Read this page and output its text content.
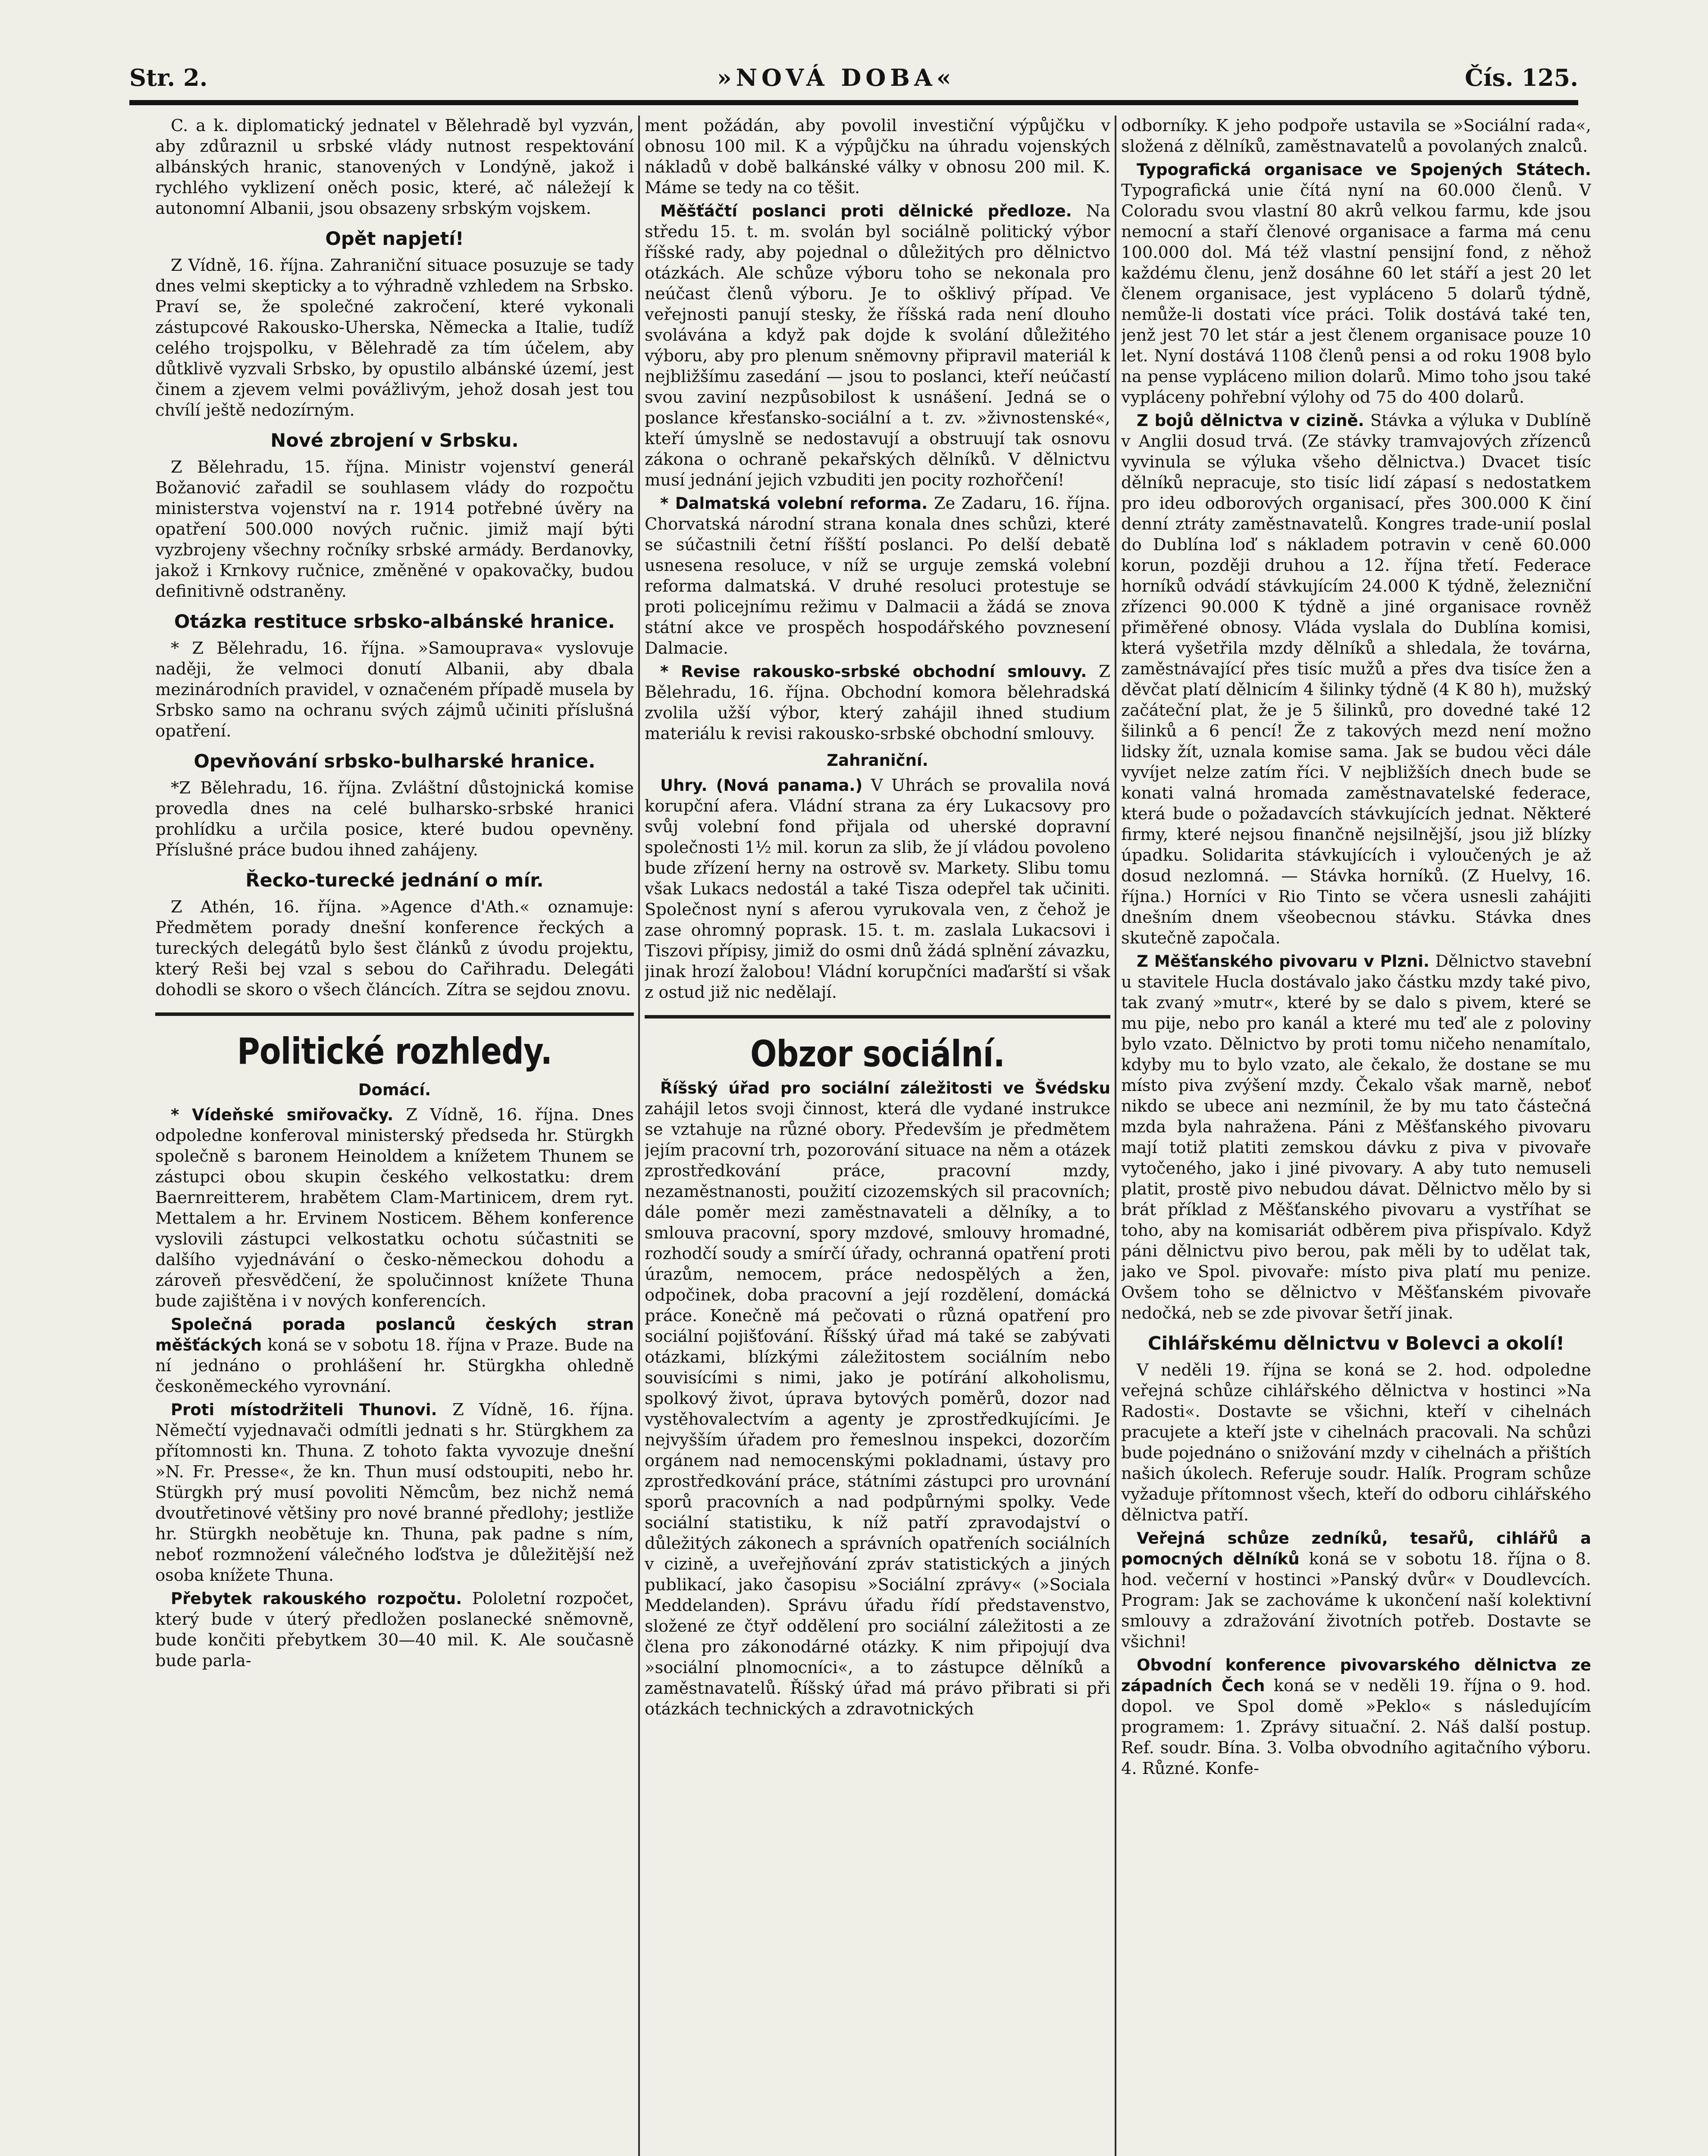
Str. 2.	»NOVÁ DOBA«	Čís. 125.

C. a k. diplomatický jednatel v Bělehradě byl vyzván, aby zdůraznil u srbské vlády nutnost respektování albánských hranic, stanovených v Londýně, jakož i rychlého vyklizení oněch posic, které, ač náležejí k autonomní Albanii, jsou obsazeny srbským vojskem.

Opět napjetí!

Z Vídně, 16. října. Zahraniční situace posuzuje se tady dnes velmi skepticky a to výhradně vzhledem na Srbsko. Praví se, že společné zakročení, které vykonali zástupcové Rakousko-Uherska, Německa a Italie, tudíž celého trojspolku, v Bělehradě za tím účelem, aby důtklivě vyzvali Srbsko, by opustilo albánské území, jest činem a zjevem velmi povážlivým, jehož dosah jest tou chvílí ještě nedozírným.

Nové zbrojení v Srbsku.

Z Bělehradu, 15. října. Ministr vojenství generál Božanović zařadil se souhlasem vlády do rozpočtu ministerstva vojenství na r. 1914 potřebné úvěry na opatření 500.000 nových ručnic. jimiž mají býti vyzbrojeny všechny ročníky srbské armády. Berdanovky, jakož i Krnkovy ručnice, změněné v opakovačky, budou definitivně odstraněny.

Otázka restituce srbsko-albánské hranice.

* Z Bělehradu, 16. října. »Samouprava« vyslovuje naději, že velmoci donutí Albanii, aby dbala mezinárodních pravidel, v označeném případě musela by Srbsko samo na ochranu svých zájmů učiniti příslušná opatření.

Opevňování srbsko-bulharské hranice.

*Z Bělehradu, 16. října. Zvláštní důstojnická komise provedla dnes na celé bulharsko-srbské hranici prohlídku a určila posice, které budou opevněny. Příslušné práce budou ihned zahájeny.

Řecko-turecké jednání o mír.

Z Athén, 16. října. »Agence d'Ath.« oznamuje: Předmětem porady dnešní konference řeckých a tureckých delegátů bylo šest článků z úvodu projektu, který Reši bej vzal s sebou do Cařihradu. Delegáti dohodli se skoro o všech článcích. Zítra se sejdou znovu.

Politické rozhledy.
Domácí.

* Vídeňské smiřovačky. Z Vídně, 16. října. Dnes odpoledne konferoval ministerský předseda hr. Stürgkh společně s baronem Heinoldem a knížetem Thunem se zástupci obou skupin českého velkostatku: drem Baernreitterem, hrabětem Clam-Martinicem, drem ryt. Mettalem a hr. Ervinem Nosticem. Během konference vyslovili zástupci velkostatku ochotu súčastniti se dalšího vyjednávání o česko-německou dohodu a zároveň přesvědčení, že spolučinnost knížete Thuna bude zajištěna i v nových konferencích.

Společná porada poslanců českých stran měšťáckých koná se v sobotu 18. října v Praze. Bude na ní jednáno o prohlášení hr. Stürgkha ohledně českoněmeckého vyrovnání.

Proti místodržiteli Thunovi. Z Vídně, 16. října. Němečtí vyjednavači odmítli jednati s hr. Stürgkhem za přítomnosti kn. Thuna. Z tohoto fakta vyvozuje dnešní »N. Fr. Presse«, že kn. Thun musí odstoupiti, nebo hr. Stürgkh prý musí povoliti Němcům, bez nichž nemá dvoutřetinové většiny pro nové branné předlohy; jestliže hr. Stürgkh neobětuje kn. Thuna, pak padne s ním, neboť rozmnožení válečného loďstva je důležitější než osoba knížete Thuna.

Přebytek rakouského rozpočtu. Pololetní rozpočet, který bude v úterý předložen poslanecké sněmovně, bude končiti přebytkem 30—40 mil. K. Ale současně bude parla-

ment požádán, aby povolil investiční výpůjčku v obnosu 100 mil. K a výpůjčku na úhradu vojenských nákladů v době balkánské války v obnosu 200 mil. K. Máme se tedy na co těšit.

Měšťáčtí poslanci proti dělnické předloze. Na středu 15. t. m. svolán byl sociálně politický výbor říšské rady, aby pojednal o důležitých pro dělnictvo otázkách. Ale schůze výboru toho se nekonala pro neúčast členů výboru. Je to ošklivý případ. Ve veřejnosti panují stesky, že říšská rada není dlouho svolávána a když pak dojde k svolání důležitého výboru, aby pro plenum sněmovny připravil materiál k nejbližšímu zasedání — jsou to poslanci, kteří neúčastí svou zaviní nezpůsobilost k usnášení. Jedná se o poslance křesťansko-sociální a t. zv. »živnostenské«, kteří úmyslně se nedostavují a obstruují tak osnovu zákona o ochraně pekařských dělníků. V dělnictvu musí jednání jejich vzbuditi jen pocity rozhořčení!

* Dalmatská volební reforma. Ze Zadaru, 16. října. Chorvatská národní strana konala dnes schůzi, které se súčastnili četní říšští poslanci. Po delší debatě usnesena resoluce, v níž se urguje zemská volební reforma dalmatská. V druhé resoluci protestuje se proti policejnímu režimu v Dalmacii a žádá se znova státní akce ve prospěch hospodářského povznesení Dalmacie.

* Revise rakousko-srbské obchodní smlouvy. Z Bělehradu, 16. října. Obchodní komora bělehradská zvolila užší výbor, který zahájil ihned studium materiálu k revisi rakousko-srbské obchodní smlouvy.

Zahraniční.

Uhry. (Nová panama.) V Uhrách se provalila nová korupční afera. Vládní strana za éry Lukacsovy pro svůj volební fond přijala od uherské dopravní společnosti 1½ mil. korun za slib, že jí vládou povoleno bude zřízení herny na ostrově sv. Markety. Slibu tomu však Lukacs nedostál a také Tisza odepřel tak učiniti. Společnost nyní s aferou vyrukovala ven, z čehož je zase ohromný poprask. 15. t. m. zaslala Lukacsovi i Tiszovi přípisy, jimiž do osmi dnů žádá splnění závazku, jinak hrozí žalobou! Vládní korupčníci maďarští si však z ostud již nic nedělají.

Obzor sociální.

Říšský úřad pro sociální záležitosti ve Švédsku zahájil letos svoji činnost, která dle vydané instrukce se vztahuje na různé obory. Především je předmětem jejím pracovní trh, pozorování situace na něm a otázek zprostředkování práce, pracovní mzdy, nezaměstnanosti, použití cizozemských sil pracovních; dále poměr mezi zaměstnavateli a dělníky, a to smlouva pracovní, spory mzdové, smlouvy hromadné, rozhodčí soudy a smírčí úřady, ochranná opatření proti úrazům, nemocem, práce nedospělých a žen, odpočinek, doba pracovní a její rozdělení, domácká práce. Konečně má pečovati o různá opatření pro sociální pojišťování. Říšský úřad má také se zabývati otázkami, blízkými záležitostem sociálním nebo souvisícími s nimi, jako je potírání alkoholismu, spolkový život, úprava bytových poměrů, dozor nad vystěhovalectvím a agenty je zprostředkujícími. Je nejvyšším úřadem pro řemeslnou inspekci, dozorčím orgánem nad nemocenskými pokladnami, ústavy pro zprostředkování práce, státními zástupci pro urovnání sporů pracovních a nad podpůrnými spolky. Vede sociální statistiku, k níž patří zpravodajství o důležitých zákonech a správních opatřeních sociálních v cizině, a uveřejňování zpráv statistických a jiných publikací, jako časopisu »Sociální zprávy« (»Sociala Meddelanden). Správu úřadu řídí představenstvo, složené ze čtyř oddělení pro sociální záležitosti a ze člena pro zákonodárné otázky. K nim připojují dva »sociální plnomocníci«, a to zástupce dělníků a zaměstnavatelů. Říšský úřad má právo přibrati si při otázkách technických a zdravotnických

odborníky. K jeho podpoře ustavila se »Sociální rada«, složená z dělníků, zaměstnavatelů a povolaných znalců.

Typografická organisace ve Spojených Státech. Typografická unie čítá nyní na 60.000 členů. V Coloradu svou vlastní 80 akrů velkou farmu, kde jsou nemocní a staří členové organisace a farma má cenu 100.000 dol. Má též vlastní pensijní fond, z něhož každému členu, jenž dosáhne 60 let stáří a jest 20 let členem organisace, jest vypláceno 5 dolarů týdně, nemůže-li dostati více práci. Tolik dostává také ten, jenž jest 70 let stár a jest členem organisace pouze 10 let. Nyní dostává 1108 členů pensi a od roku 1908 bylo na pense vypláceno milion dolarů. Mimo toho jsou také vypláceny pohřební výlohy od 75 do 400 dolarů.

Z bojů dělnictva v cizině. Stávka a výluka v Dublíně v Anglii dosud trvá. (Ze stávky tramvajových zřízenců vyvinula se výluka všeho dělnictva.) Dvacet tisíc dělníků nepracuje, sto tisíc lidí zápasí s nedostatkem pro ideu odborových organisací, přes 300.000 K činí denní ztráty zaměstnavatelů. Kongres trade-unií poslal do Dublína loď s nákladem potravin v ceně 60.000 korun, později druhou a 12. října třetí. Federace horníků odvádí stávkujícím 24.000 K týdně, železniční zřízenci 90.000 K týdně a jiné organisace rovněž přiměřené obnosy. Vláda vyslala do Dublína komisi, která vyšetřila mzdy dělníků a shledala, že továrna, zaměstnávající přes tisíc mužů a přes dva tisíce žen a děvčat platí dělnicím 4 šilinky týdně (4 K 80 h), mužský začáteční plat, že je 5 šilinků, pro dovedné také 12 šilinků a 6 pencí! Že z takových mezd není možno lidsky žít, uznala komise sama. Jak se budou věci dále vyvíjet nelze zatím říci. V nejbližších dnech bude se konati valná hromada zaměstnavatelské federace, která bude o požadavcích stávkujících jednat. Některé firmy, které nejsou finančně nejsilnější, jsou již blízky úpadku. Solidarita stávkujících i vyloučených je až dosud nezlomná. — Stávka horníků. (Z Huelvy, 16. října.) Horníci v Rio Tinto se včera usnesli zahájiti dnešním dnem všeobecnou stávku. Stávka dnes skutečně započala.

Z Měšťanského pivovaru v Plzni. Dělnictvo stavební u stavitele Hucla dostávalo jako částku mzdy také pivo, tak zvaný »mutr«, které by se dalo s pivem, které se mu pije, nebo pro kanál a které mu teď ale z poloviny bylo vzato. Dělnictvo by proti tomu ničeho nenamítalo, kdyby mu to bylo vzato, ale čekalo, že dostane se mu místo piva zvýšení mzdy. Čekalo však marně, neboť nikdo se ubece ani nezmínil, že by mu tato částečná mzda byla nahražena. Páni z Měšťanského pivovaru mají totiž platiti zemskou dávku z piva v pivovaře vytočeného, jako i jiné pivovary. A aby tuto nemuseli platit, prostě pivo nebudou dávat. Dělnictvo mělo by si brát příklad z Měšťanského pivovaru a vystříhat se toho, aby na komisariát odběrem piva přispívalo. Když páni dělnictvu pivo berou, pak měli by to udělat tak, jako ve Spol. pivovaře: místo piva platí mu penize. Ovšem toho se dělnictvo v Měšťanském pivovaře nedočká, neb se zde pivovar šetří jinak.

Cihlářskému dělnictvu v Bolevci a okolí!

V neděli 19. října se koná se 2. hod. odpoledne veřejná schůze cihlářského dělnictva v hostinci »Na Radosti«. Dostavte se všichni, kteří v cihelnách pracujete a kteří jste v cihelnách pracovali. Na schůzi bude pojednáno o snižování mzdy v cihelnách a přištích našich úkolech. Referuje soudr. Halík. Program schůze vyžaduje přítomnost všech, kteří do odboru cihlářského dělnictva patří.

Veřejná schůze zedníků, tesařů, cihlářů a pomocných dělníků koná se v sobotu 18. října o 8. hod. večerní v hostinci »Panský dvůr« v Doudlevcích. Program: Jak se zachováme k ukončení naší kolektivní smlouvy a zdražování životních potřeb. Dostavte se všichni!

Obvodní konference pivovarského dělnictva ze západních Čech koná se v neděli 19. října o 9. hod. dopol. ve Spol domě »Peklo« s následujícím programem: 1. Zprávy situační. 2. Náš další postup. Ref. soudr. Bína. 3. Volba obvodního agitačního výboru. 4. Různé. Konfe-
